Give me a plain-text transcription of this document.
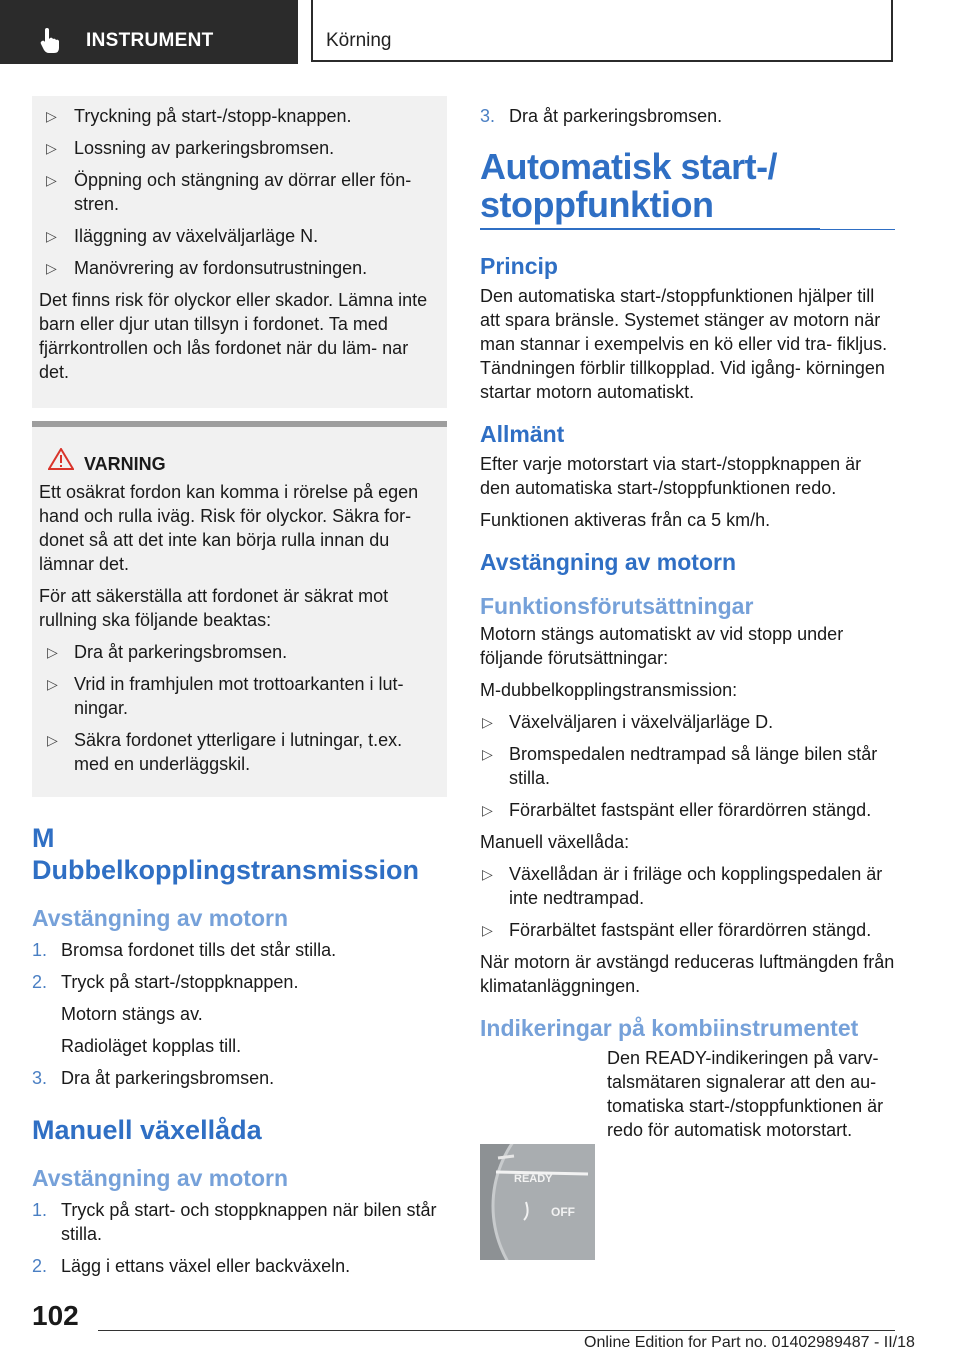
INSTRUMENT	Körning
▷ Tryckning på start-/stopp-knappen.
▷ Lossning av parkeringsbromsen.
▷ Öppning och stängning av dörrar eller fön- stren.
▷ Iläggning av växelväljarläge N.
▷ Manövrering av fordonsutrustningen.

Det finns risk för olyckor eller skador. Lämna inte barn eller djur utan tillsyn i fordonet. Ta med fjärrkontrollen och lås fordonet när du läm- nar det.

VARNING

Ett osäkrat fordon kan komma i rörelse på egen hand och rulla iväg. Risk för olyckor. Säkra for- donet så att det inte kan börja rulla innan du lämnar det.

För att säkerställa att fordonet är säkrat mot rullning ska följande beaktas:

▷ Dra åt parkeringsbromsen.
▷ Vrid in framhjulen mot trottoarkanten i lut- ningar.
▷ Säkra fordonet ytterligare i lutningar, t.ex. med en underläggskil.
M Dubbelkopplingstransmission
Avstängning av motorn
1. Bromsa fordonet tills det står stilla.
2. Tryck på start-/stoppknappen.
Motorn stängs av.
Radioläget kopplas till.
3. Dra åt parkeringsbromsen.
Manuell växellåda
Avstängning av motorn
1. Tryck på start- och stoppknappen när bilen står stilla.
2. Lägg i ettans växel eller backväxeln.
3. Dra åt parkeringsbromsen.
Automatisk start-/ stoppfunktion
Princip

Den automatiska start-/stoppfunktionen hjälper till att spara bränsle. Systemet stänger av motorn när man stannar i exempelvis en kö eller vid tra- fikljus. Tändningen förblir tillkopplad. Vid igång- körningen startar motorn automatiskt.

Allmänt

Efter varje motorstart via start-/stoppknappen är den automatiska start-/stoppfunktionen redo.

Funktionen aktiveras från ca 5 km/h.

Avstängning av motorn
Funktionsförutsättningar

Motorn stängs automatiskt av vid stopp under följande förutsättningar:

M-dubbelkopplingstransmission:

▷ Växelväljaren i växelväljarläge D.
▷ Bromspedalen nedtrampad så länge bilen står stilla.
▷ Förarbältet fastspänt eller förardörren stängd.

Manuell växellåda:

▷ Växellådan är i friläge och kopplingspedalen är inte nedtrampad.
▷ Förarbältet fastspänt eller förardörren stängd.

När motorn är avstängd reduceras luftmängden från klimatanläggningen.

Indikeringar på kombiinstrumentet

Den READY-indikeringen på varv- talsmätaren signalerar att den au- tomatiska start-/stoppfunktionen är redo för automatisk motorstart.

READY
OFF
102
Online Edition for Part no. 01402989487 - II/18
